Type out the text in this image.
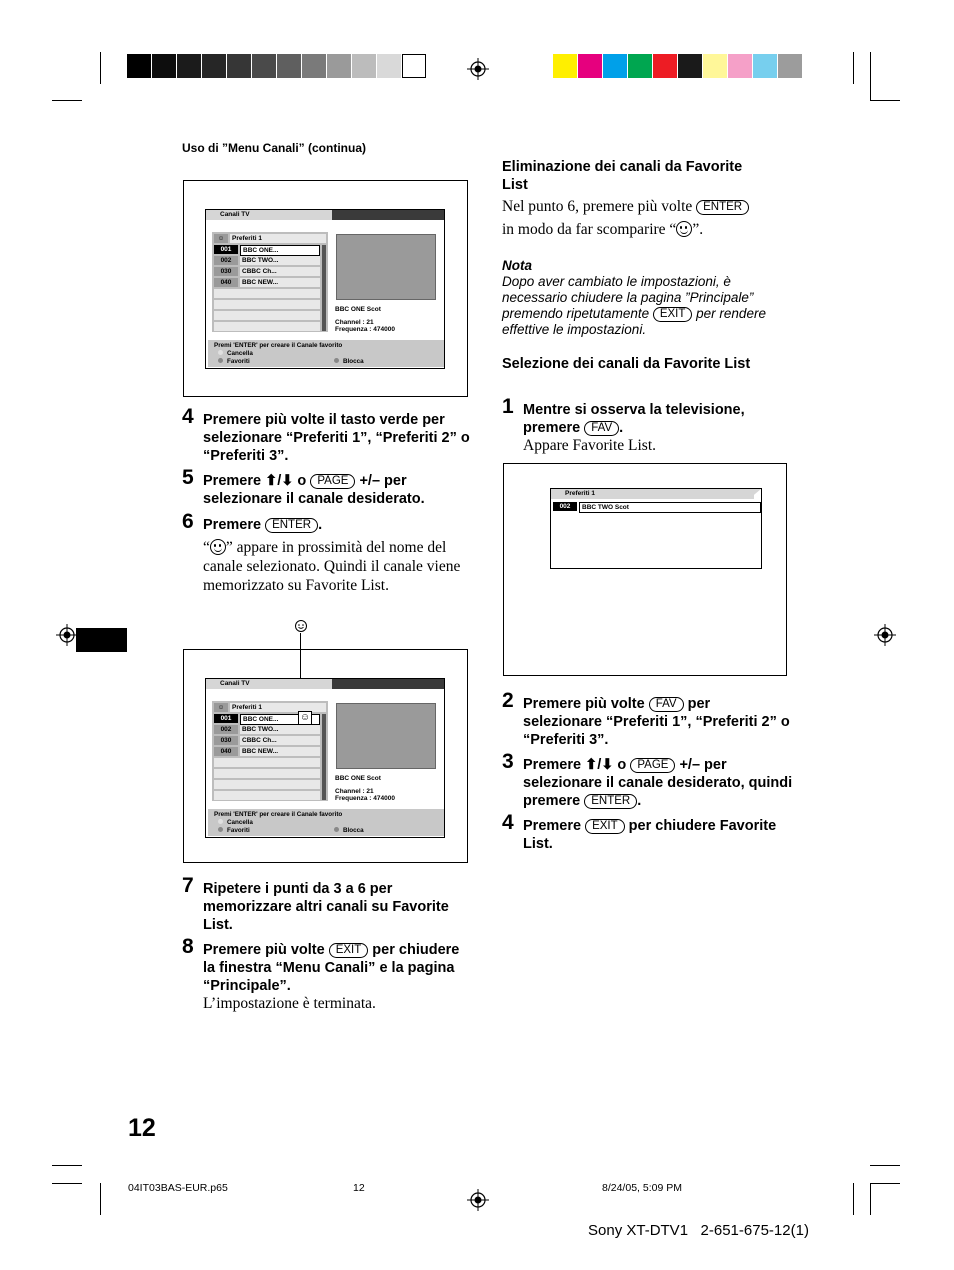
Uso di ”Menu Canali” (continua)
Canali TV
☺	Preferiti 1
001	BBC ONE...
002	BBC TWO...
030	CBBC Ch...
040	BBC NEW...
BBC ONE Scot
Channel : 21
Frequenza : 474000
Premi 'ENTER' per creare il Canale favorito
Cancella
Favoriti	Blocca
4 Premere più volte il tasto verde per selezionare “Preferiti 1”, “Preferiti 2” o “Preferiti 3”.
5 Premere ⬆/⬇ o PAGE +/– per selezionare il canale desiderato.
6 Premere ENTER .
“ ” appare in prossimità del nome del canale selezionato. Quindi il canale viene memorizzato su Favorite List.
Canali TV
☺	Preferiti 1
001	BBC ONE...
002	BBC TWO...
030	CBBC Ch...
040	BBC NEW...
☺
BBC ONE Scot
Channel : 21
Frequenza : 474000
Premi 'ENTER' per creare il Canale favorito
Cancella
Favoriti	Blocca
7 Ripetere i punti da 3 a 6 per memorizzare altri canali su Favorite List.
8 Premere più volte EXIT per chiudere la finestra “Menu Canali” e la pagina “Principale”.
L’impostazione è terminata.
Eliminazione dei canali da Favorite List
Nel punto 6, premere più volte ENTER
in modo da far scomparire “ ”.
Nota
Dopo aver cambiato le impostazioni, è necessario chiudere la pagina ”Principale” premendo ripetutamente EXIT per rendere effettive le impostazioni.
Selezione dei canali da Favorite List
1 Mentre si osserva la televisione, premere FAV .
Appare Favorite List.
Preferiti 1
002	BBC TWO Scot
2 Premere più volte FAV per selezionare “Preferiti 1”, “Preferiti 2” o “Preferiti 3”.
3 Premere ⬆/⬇ o PAGE +/– per selezionare il canale desiderato, quindi premere ENTER .
4 Premere EXIT per chiudere Favorite List.
12
04IT03BAS-EUR.p65	12	8/24/05, 5:09 PM
Sony XT-DTV1   2-651-675-12(1)
